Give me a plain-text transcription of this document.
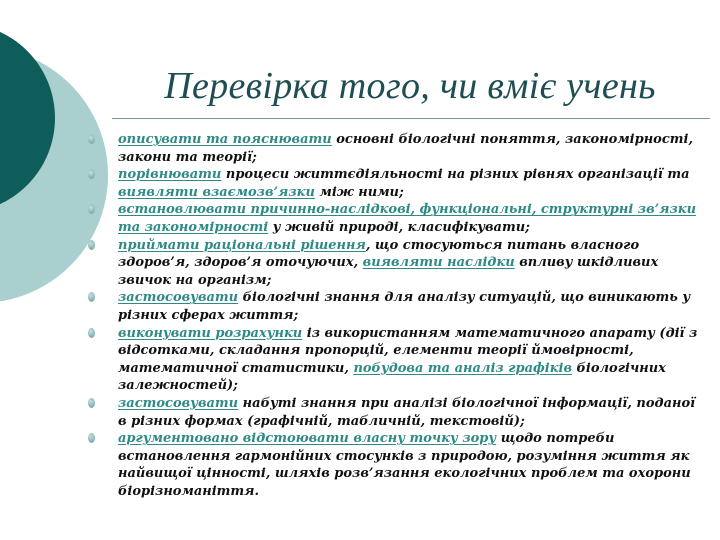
Перевірка того, чи вміє учень
описувати та пояснювати основні біологічні поняття, закономірності, закони та теорії;
порівнювати процеси життєдіяльності на різних рівнях організації та виявляти взаємозв’язки між ними;
встановлювати причинно-наслідкові, функціональні, структурні зв’язки та закономірності у живій природі, класифікувати;
приймати раціональні рішення, що стосуються питань власного здоров’я, здоров’я оточуючих, виявляти наслідки впливу шкідливих звичок на організм;
застосовувати біологічні знання для аналізу ситуацій, що виникають у різних сферах життя;
виконувати розрахунки із використанням математичного апарату (дії з відсотками, складання пропорцій, елементи теорії ймовірності, математичної статистики, побудова та аналіз графіків біологічних залежностей);
застосовувати набуті знання при аналізі біологічної інформації, поданої в різних формах (графічній, табличній, текстовій);
аргументовано відстоювати власну точку зору щодо потреби встановлення гармонійних стосунків з природою, розуміння життя як найвищої цінності, шляхів розв’язання екологічних проблем та охорони біорізноманіття.
